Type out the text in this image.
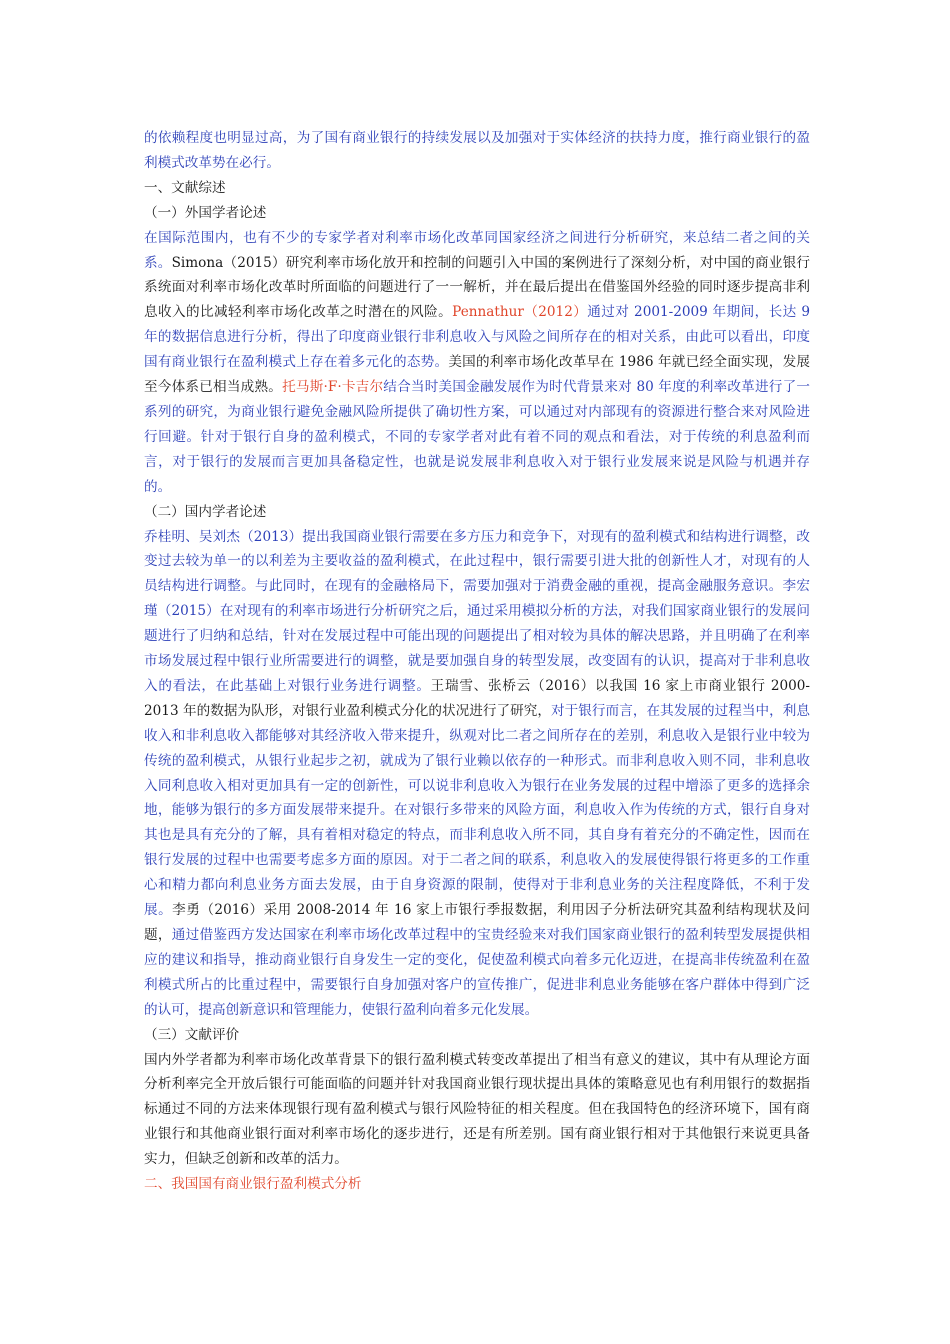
的依赖程度也明显过高，为了国有商业银行的持续发展以及加强对于实体经济的扶持力度，推行商业银行的盈利模式改革势在必行。

一、文献综述

（一）外国学者论述

在国际范围内，也有不少的专家学者对利率市场化改革同国家经济之间进行分析研究，来总结二者之间的关系。Simona（2015）研究利率市场化放开和控制的问题引入中国的案例进行了深刻分析，对中国的商业银行系统面对利率市场化改革时所面临的问题进行了一一解析，并在最后提出在借鉴国外经验的同时逐步提高非利息收入的比减轻利率市场化改革之时潜在的风险。Pennathur（2012）通过对 2001-2009 年期间，长达 9 年的数据信息进行分析，得出了印度商业银行非利息收入与风险之间所存在的相对关系，由此可以看出，印度国有商业银行在盈利模式上存在着多元化的态势。美国的利率市场化改革早在 1986 年就已经全面实现，发展至今体系已相当成熟。托马斯·F·卡吉尔结合当时美国金融发展作为时代背景来对 80 年度的利率改革进行了一系列的研究，为商业银行避免金融风险所提供了确切性方案，可以通过对内部现有的资源进行整合来对风险进行回避。针对于银行自身的盈利模式，不同的专家学者对此有着不同的观点和看法，对于传统的利息盈利而言，对于银行的发展而言更加具备稳定性，也就是说发展非利息收入对于银行业发展来说是风险与机遇并存的。

（二）国内学者论述

乔桂明、吴刘杰（2013）提出我国商业银行需要在多方压力和竞争下，对现有的盈利模式和结构进行调整，改变过去较为单一的以利差为主要收益的盈利模式，在此过程中，银行需要引进大批的创新性人才，对现有的人员结构进行调整。与此同时，在现有的金融格局下，需要加强对于消费金融的重视，提高金融服务意识。李宏瑾（2015）在对现有的利率市场进行分析研究之后，通过采用模拟分析的方法，对我们国家商业银行的发展问题进行了归纳和总结，针对在发展过程中可能出现的问题提出了相对较为具体的解决思路，并且明确了在利率市场发展过程中银行业所需要进行的调整，就是要加强自身的转型发展，改变固有的认识，提高对于非利息收入的看法，在此基础上对银行业务进行调整。王瑞雪、张桥云（2016）以我国 16 家上市商业银行 2000-2013 年的数据为队形，对银行业盈利模式分化的状况进行了研究，对于银行而言，在其发展的过程当中，利息收入和非利息收入都能够对其经济收入带来提升，纵观对比二者之间所存在的差别，利息收入是银行业中较为传统的盈利模式，从银行业起步之初，就成为了银行业赖以依存的一种形式。而非利息收入则不同，非利息收入同利息收入相对更加具有一定的创新性，可以说非利息收入为银行在业务发展的过程中增添了更多的选择余地，能够为银行的多方面发展带来提升。在对银行多带来的风险方面，利息收入作为传统的方式，银行自身对其也是具有充分的了解，具有着相对稳定的特点，而非利息收入所不同，其自身有着充分的不确定性，因而在银行发展的过程中也需要考虑多方面的原因。对于二者之间的联系，利息收入的发展使得银行将更多的工作重心和精力都向利息业务方面去发展，由于自身资源的限制，使得对于非利息业务的关注程度降低，不利于发展。李勇（2016）采用 2008-2014 年 16 家上市银行季报数据，利用因子分析法研究其盈利结构现状及问题，通过借鉴西方发达国家在利率市场化改革过程中的宝贵经验来对我们国家商业银行的盈利转型发展提供相应的建议和指导，推动商业银行自身发生一定的变化，促使盈利模式向着多元化迈进，在提高非传统盈利在盈利模式所占的比重过程中，需要银行自身加强对客户的宣传推广，促进非利息业务能够在客户群体中得到广泛的认可，提高创新意识和管理能力，使银行盈利向着多元化发展。

（三）文献评价

国内外学者都为利率市场化改革背景下的银行盈利模式转变改革提出了相当有意义的建议，其中有从理论方面分析利率完全开放后银行可能面临的问题并针对我国商业银行现状提出具体的策略意见也有利用银行的数据指标通过不同的方法来体现银行现有盈利模式与银行风险特征的相关程度。但在我国特色的经济环境下，国有商业银行和其他商业银行面对利率市场化的逐步进行，还是有所差别。国有商业银行相对于其他银行来说更具备实力，但缺乏创新和改革的活力。

二、我国国有商业银行盈利模式分析
